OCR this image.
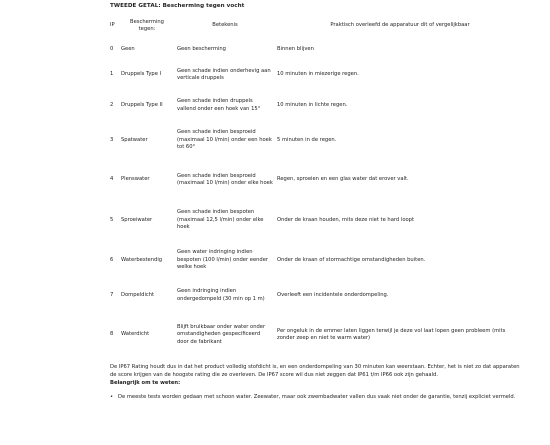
TWEEDE GETAL: Bescherming tegen vocht
IP	Bescherming tegen:	Betekenis	Praktisch overleefd de apparatuur dit of vergelijkbaar
0	Geen	Geen bescherming	Binnen blijven
1	Druppels Type I	Geen schade indien onderhevig aan verticale druppels	10 minuten in miezerige regen.
2	Druppels Type II	Geen schade indien druppels vallend onder een hoek van 15°	10 minuten in lichte regen.
3	Spatwater	Geen schade indien besproeid (maximaal 10 l/min) onder een hoek tot 60°	5 minuten in de regen.
4	Plenswater	Geen schade indien besproeid (maximaal 10 l/min) onder elke hoek	Regen, sproeien en een glas water dat erover valt.
5	Sproeiwater	Geen schade indien bespoten (maximaal 12,5 l/min) onder elke hoek	Onder de kraan houden, mits deze niet te hard loopt
6	Waterbestendig	Geen water indringing indien bespoten (100 l/min) onder eender welke hoek	Onder de kraan of stormachtige omstandigheden buiten.
7	Dompeldicht	Geen indringing indien ondergedompeld (30 min op 1 m)	Overleeft een incidentele onderdompeling.
8	Waterdicht	Blijft bruikbaar onder water onder omstandigheden gespecificeerd door de fabrikant	Per ongeluk in de emmer laten liggen terwijl je deze vol laat lopen geen probleem (mits zonder zeep en niet te warm water)

De IP67 Rating houdt dus in dat het product volledig stofdicht is, en een onderdompeling van 30 minuten kan weerstaan. Echter, het is niet zo dat apparaten de score krijgen van de hoogste rating die ze overleven. De IP67 score wil dus niet zeggen dat IP61 t/m IP66 ook zijn gehaald.

Belangrijk om te weten:

• De meeste tests worden gedaan met schoon water. Zeewater, maar ook zwembadwater vallen dus vaak niet onder de garantie, tenzij expliciet vermeld.
